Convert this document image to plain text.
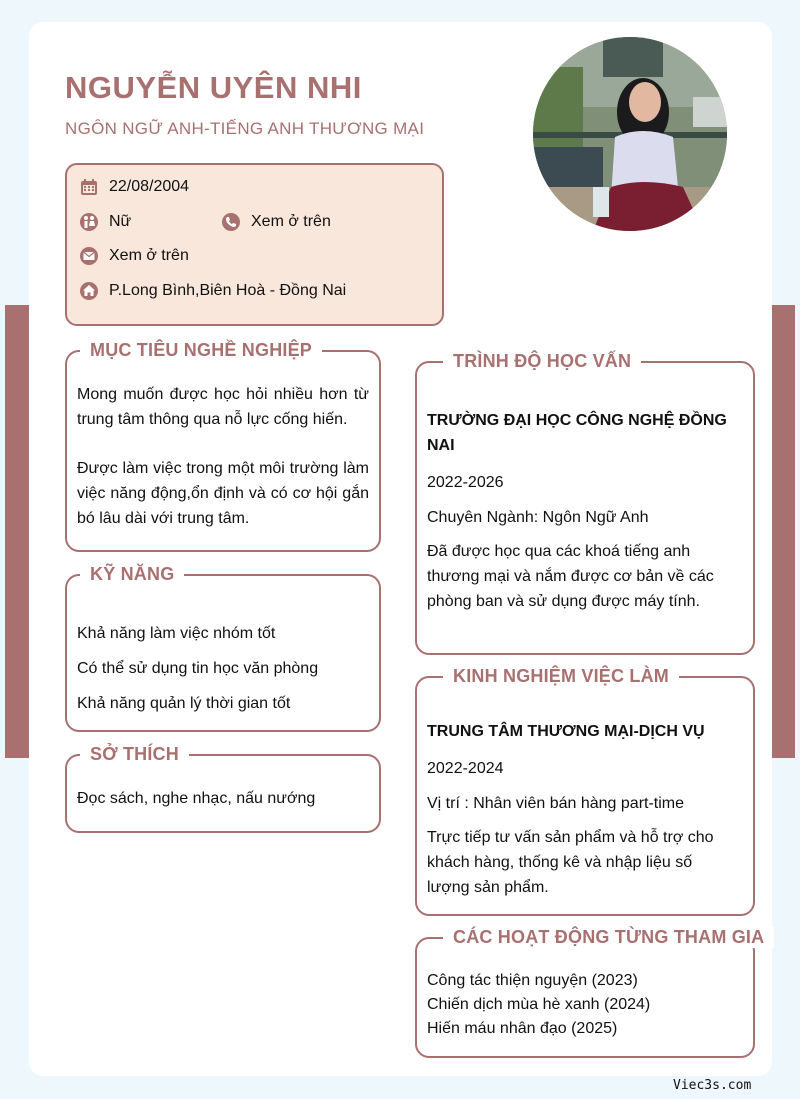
NGUYỄN UYÊN NHI
NGÔN NGỮ ANH-TIẾNG ANH THƯƠNG MẠI
22/08/2004
Nữ	Xem ở trên
Xem ở trên
P.Long Bình,Biên Hoà - Đồng Nai
MỤC TIÊU NGHỀ NGHIỆP
Mong muốn được học hỏi nhiều hơn từ trung tâm thông qua nỗ lực cống hiến.
Được làm việc trong một môi trường làm việc năng động,ổn định và có cơ hội gắn bó lâu dài với trung tâm.
KỸ NĂNG
Khả năng làm việc nhóm tốt
Có thể sử dụng tin học văn phòng
Khả năng quản lý thời gian tốt
SỞ THÍCH
Đọc sách, nghe nhạc, nấu nướng
TRÌNH ĐỘ HỌC VẤN
TRƯỜNG ĐẠI HỌC CÔNG NGHỆ ĐỒNG NAI
2022-2026
Chuyên Ngành: Ngôn Ngữ Anh
Đã được học qua các khoá tiếng anh thương mại và nắm được cơ bản về các phòng ban và sử dụng được máy tính.
KINH NGHIỆM VIỆC LÀM
TRUNG TÂM THƯƠNG MẠI-DỊCH VỤ
2022-2024
Vị trí : Nhân viên bán hàng part-time
Trực tiếp tư vấn sản phẩm và hỗ trợ cho khách hàng, thống kê và nhập liệu số lượng sản phẩm.
CÁC HOẠT ĐỘNG TỪNG THAM GIA
Công tác thiện nguyện (2023)
Chiến dịch mùa hè xanh (2024)
Hiến máu nhân đạo (2025)
Viec3s.com
